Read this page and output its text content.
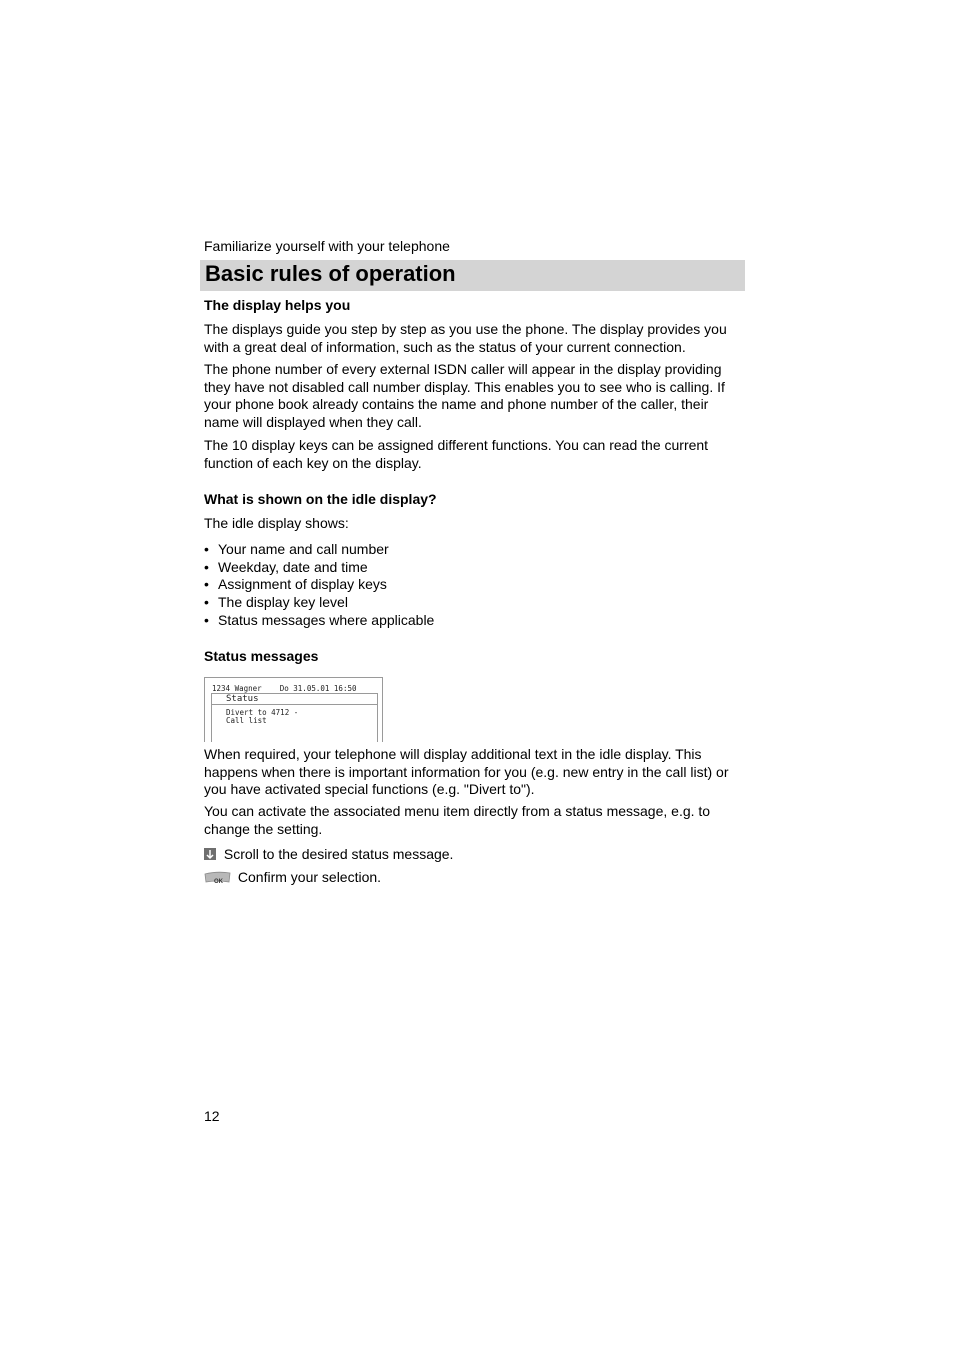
Familiarize yourself with your telephone
Basic rules of operation
The display helps you
The displays guide you step by step as you use the phone. The display provides you with a great deal of information, such as the status of your current connection.
The phone number of every external ISDN caller will appear in the display providing they have not disabled call number display. This enables you to see who is calling. If your phone book already contains the name and phone number of the caller, their name will displayed when they call.
The 10 display keys can be assigned different functions. You can read the current function of each key on the display.
What is shown on the idle display?
The idle display shows:
• Your name and call number
• Weekday, date and time
• Assignment of display keys
• The display key level
• Status messages where applicable
Status messages
1234 Wagner    Do 31.05.01 16:50
Status
Divert to 4712 -
Call list
When required, your telephone will display additional text in the idle display. This happens when there is important information for you (e.g. new entry in the call list) or you have activated special functions (e.g. "Divert to").
You can activate the associated menu item directly from a status message, e.g. to change the setting.
Scroll to the desired status message.
OK Confirm your selection.
12
